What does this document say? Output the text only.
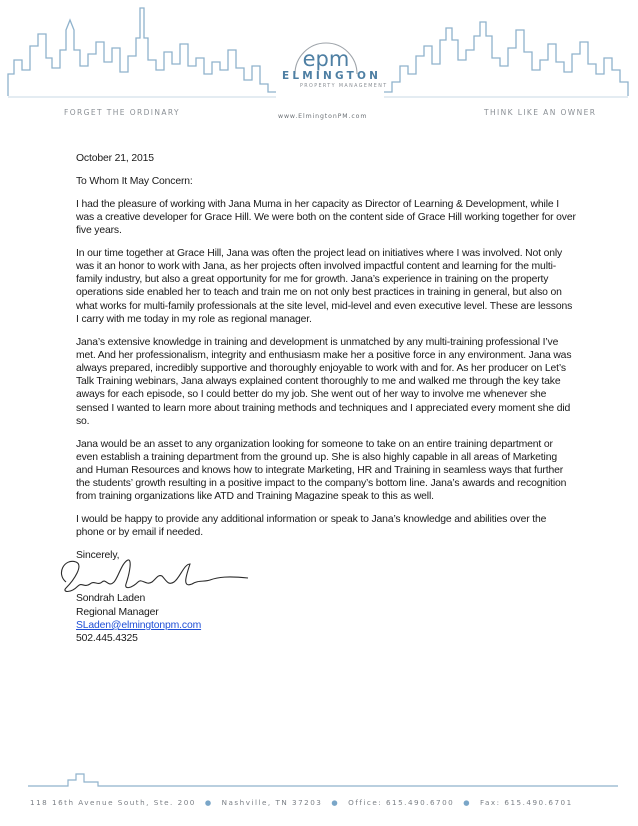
epm
ELMINGTON
PROPERTY MANAGEMENT
FORGET THE ORDINARY	www.ElmingtonPM.com	THINK LIKE AN OWNER

October 21, 2015

To Whom It May Concern:

I had the pleasure of working with Jana Muma in her capacity as Director of Learning & Development, while I was a creative developer for Grace Hill. We were both on the content side of Grace Hill working together for over five years.

In our time together at Grace Hill, Jana was often the project lead on initiatives where I was involved. Not only was it an honor to work with Jana, as her projects often involved impactful content and learning for the multi-family industry, but also a great opportunity for me for growth. Jana’s experience in training on the property operations side enabled her to teach and train me on not only best practices in training in general, but also on what works for multi-family professionals at the site level, mid-level and even executive level. These are lessons I carry with me today in my role as regional manager.

Jana’s extensive knowledge in training and development is unmatched by any multi-training professional I’ve met. And her professionalism, integrity and enthusiasm make her a positive force in any environment. Jana was always prepared, incredibly supportive and thoroughly enjoyable to work with and for. As her producer on Let’s Talk Training webinars, Jana always explained content thoroughly to me and walked me through the key take aways for each episode, so I could better do my job. She went out of her way to involve me whenever she sensed I wanted to learn more about training methods and techniques and I appreciated every moment she did so.

Jana would be an asset to any organization looking for someone to take on an entire training department or even establish a training department from the ground up. She is also highly capable in all areas of Marketing and Human Resources and knows how to integrate Marketing, HR and Training in seamless ways that further the students’ growth resulting in a positive impact to the company’s bottom line. Jana’s awards and recognition from training organizations like ATD and Training Magazine speak to this as well.

I would be happy to provide any additional information or speak to Jana’s knowledge and abilities over the phone or by email if needed.

Sincerely,

Sondrah Laden
Regional Manager
SLaden@elmingtonpm.com
502.445.4325
118 16th Avenue South, Ste. 200 ● Nashville, TN 37203 ● Office: 615.490.6700 ● Fax: 615.490.6701
